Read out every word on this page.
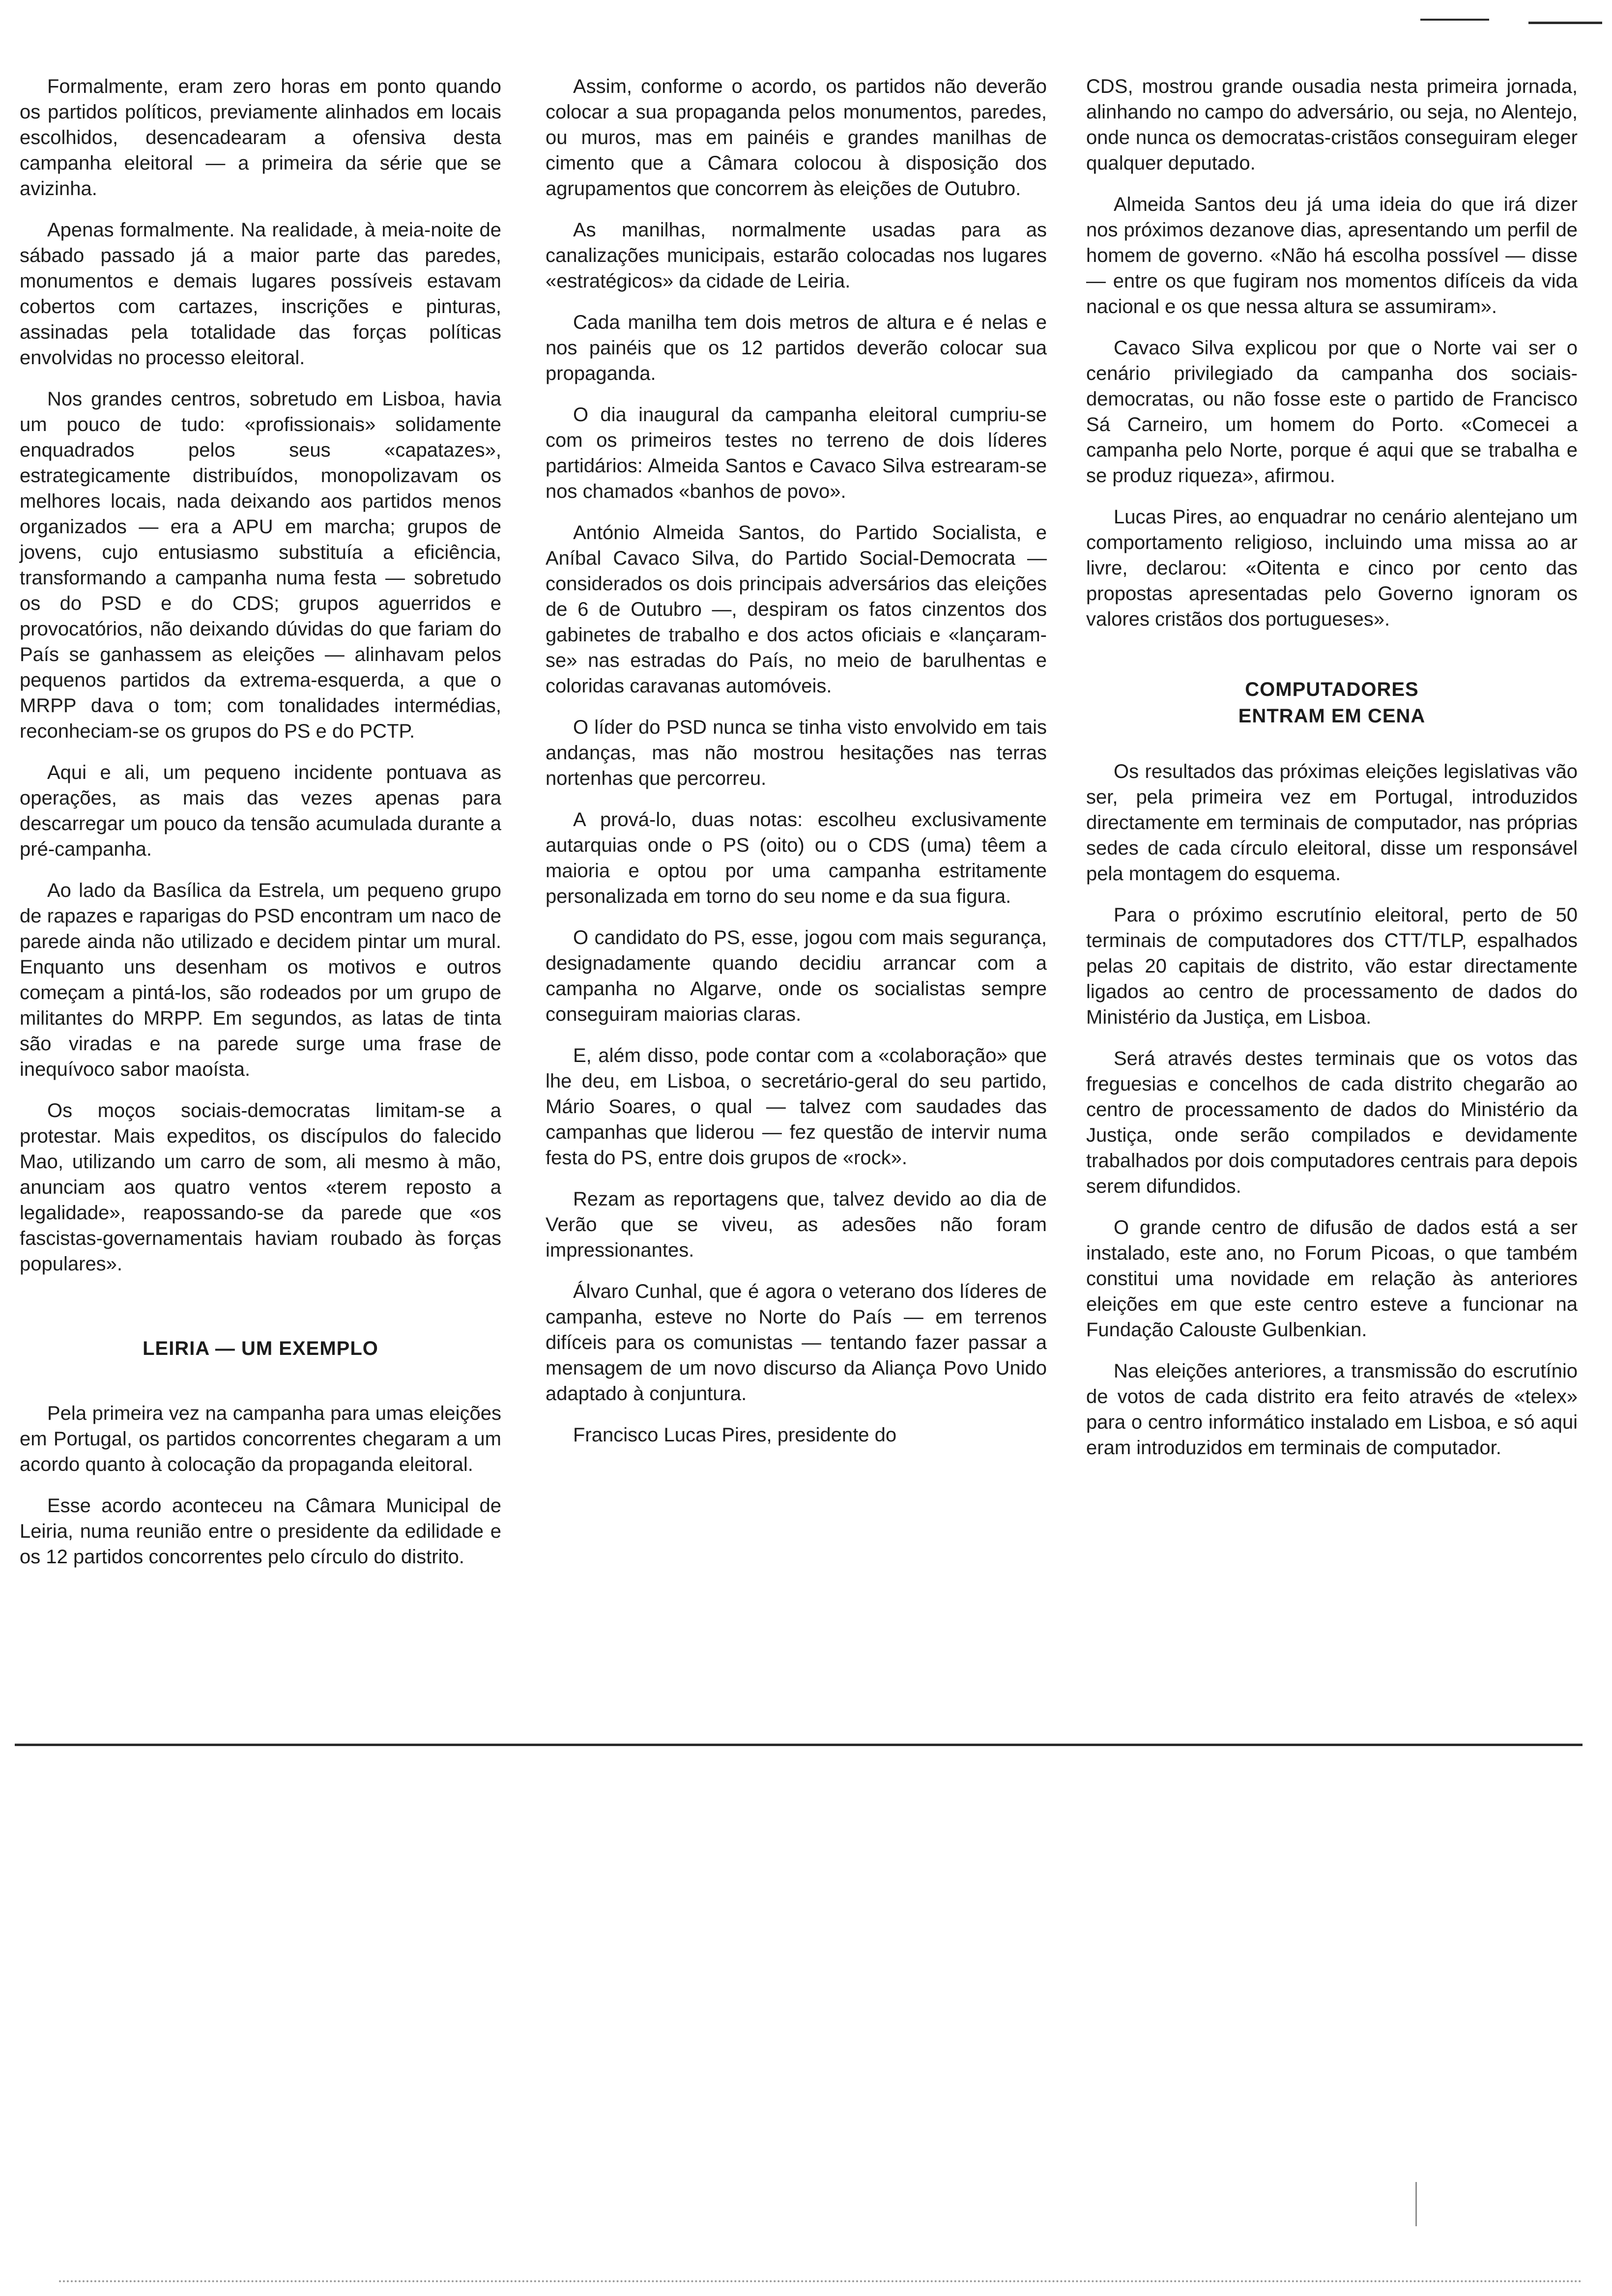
Formalmente, eram zero horas em ponto quando os partidos políticos, previamente alinhados em locais escolhidos, desencadearam a ofensiva desta campanha eleitoral — a primeira da série que se avizinha.

Apenas formalmente. Na realidade, à meia-noite de sábado passado já a maior parte das paredes, monumentos e demais lugares possíveis estavam cobertos com cartazes, inscrições e pinturas, assinadas pela totalidade das forças políticas envolvidas no processo eleitoral.

Nos grandes centros, sobretudo em Lisboa, havia um pouco de tudo: «profissionais» solidamente enquadrados pelos seus «capatazes», estrategicamente distribuídos, monopolizavam os melhores locais, nada deixando aos partidos menos organizados — era a APU em marcha; grupos de jovens, cujo entusiasmo substituía a eficiência, transformando a campanha numa festa — sobretudo os do PSD e do CDS; grupos aguerridos e provocatórios, não deixando dúvidas do que fariam do País se ganhassem as eleições — alinhavam pelos pequenos partidos da extrema-esquerda, a que o MRPP dava o tom; com tonalidades intermédias, reconheciam-se os grupos do PS e do PCTP.

Aqui e ali, um pequeno incidente pontuava as operações, as mais das vezes apenas para descarregar um pouco da tensão acumulada durante a pré-campanha.

Ao lado da Basílica da Estrela, um pequeno grupo de rapazes e raparigas do PSD encontram um naco de parede ainda não utilizado e decidem pintar um mural. Enquanto uns desenham os motivos e outros começam a pintá-los, são rodeados por um grupo de militantes do MRPP. Em segundos, as latas de tinta são viradas e na parede surge uma frase de inequívoco sabor maoísta.

Os moços sociais-democratas limitam-se a protestar. Mais expeditos, os discípulos do falecido Mao, utilizando um carro de som, ali mesmo à mão, anunciam aos quatro ventos «terem reposto a legalidade», reapossando-se da parede que «os fascistas-governamentais haviam roubado às forças populares».

LEIRIA — UM EXEMPLO

Pela primeira vez na campanha para umas eleições em Portugal, os partidos concorrentes chegaram a um acordo quanto à colocação da propaganda eleitoral.

Esse acordo aconteceu na Câmara Municipal de Leiria, numa reunião entre o presidente da edilidade e os 12 partidos concorrentes pelo círculo do distrito.

Assim, conforme o acordo, os partidos não deverão colocar a sua propaganda pelos monumentos, paredes, ou muros, mas em painéis e grandes manilhas de cimento que a Câmara colocou à disposição dos agrupamentos que concorrem às eleições de Outubro.

As manilhas, normalmente usadas para as canalizações municipais, estarão colocadas nos lugares «estratégicos» da cidade de Leiria.

Cada manilha tem dois metros de altura e é nelas e nos painéis que os 12 partidos deverão colocar sua propaganda.

O dia inaugural da campanha eleitoral cumpriu-se com os primeiros testes no terreno de dois líderes partidários: Almeida Santos e Cavaco Silva estrearam-se nos chamados «banhos de povo».

António Almeida Santos, do Partido Socialista, e Aníbal Cavaco Silva, do Partido Social-Democrata — considerados os dois principais adversários das eleições de 6 de Outubro —, despiram os fatos cinzentos dos gabinetes de trabalho e dos actos oficiais e «lançaram-se» nas estradas do País, no meio de barulhentas e coloridas caravanas automóveis.

O líder do PSD nunca se tinha visto envolvido em tais andanças, mas não mostrou hesitações nas terras nortenhas que percorreu.

A prová-lo, duas notas: escolheu exclusivamente autarquias onde o PS (oito) ou o CDS (uma) têem a maioria e optou por uma campanha estritamente personalizada em torno do seu nome e da sua figura.

O candidato do PS, esse, jogou com mais segurança, designadamente quando decidiu arrancar com a campanha no Algarve, onde os socialistas sempre conseguiram maiorias claras.

E, além disso, pode contar com a «colaboração» que lhe deu, em Lisboa, o secretário-geral do seu partido, Mário Soares, o qual — talvez com saudades das campanhas que liderou — fez questão de intervir numa festa do PS, entre dois grupos de «rock».

Rezam as reportagens que, talvez devido ao dia de Verão que se viveu, as adesões não foram impressionantes.

Álvaro Cunhal, que é agora o veterano dos líderes de campanha, esteve no Norte do País — em terrenos difíceis para os comunistas — tentando fazer passar a mensagem de um novo discurso da Aliança Povo Unido adaptado à conjuntura.

Francisco Lucas Pires, presidente do

CDS, mostrou grande ousadia nesta primeira jornada, alinhando no campo do adversário, ou seja, no Alentejo, onde nunca os democratas-cristãos conseguiram eleger qualquer deputado.

Almeida Santos deu já uma ideia do que irá dizer nos próximos dezanove dias, apresentando um perfil de homem de governo. «Não há escolha possível — disse — entre os que fugiram nos momentos difíceis da vida nacional e os que nessa altura se assumiram».

Cavaco Silva explicou por que o Norte vai ser o cenário privilegiado da campanha dos sociais-democratas, ou não fosse este o partido de Francisco Sá Carneiro, um homem do Porto. «Comecei a campanha pelo Norte, porque é aqui que se trabalha e se produz riqueza», afirmou.

Lucas Pires, ao enquadrar no cenário alentejano um comportamento religioso, incluindo uma missa ao ar livre, declarou: «Oitenta e cinco por cento das propostas apresentadas pelo Governo ignoram os valores cristãos dos portugueses».

COMPUTADORES
ENTRAM EM CENA

Os resultados das próximas eleições legislativas vão ser, pela primeira vez em Portugal, introduzidos directamente em terminais de computador, nas próprias sedes de cada círculo eleitoral, disse um responsável pela montagem do esquema.

Para o próximo escrutínio eleitoral, perto de 50 terminais de computadores dos CTT/TLP, espalhados pelas 20 capitais de distrito, vão estar directamente ligados ao centro de processamento de dados do Ministério da Justiça, em Lisboa.

Será através destes terminais que os votos das freguesias e concelhos de cada distrito chegarão ao centro de processamento de dados do Ministério da Justiça, onde serão compilados e devidamente trabalhados por dois computadores centrais para depois serem difundidos.

O grande centro de difusão de dados está a ser instalado, este ano, no Forum Picoas, o que também constitui uma novidade em relação às anteriores eleições em que este centro esteve a funcionar na Fundação Calouste Gulbenkian.

Nas eleições anteriores, a transmissão do escrutínio de votos de cada distrito era feito através de «telex» para o centro informático instalado em Lisboa, e só aqui eram introduzidos em terminais de computador.
